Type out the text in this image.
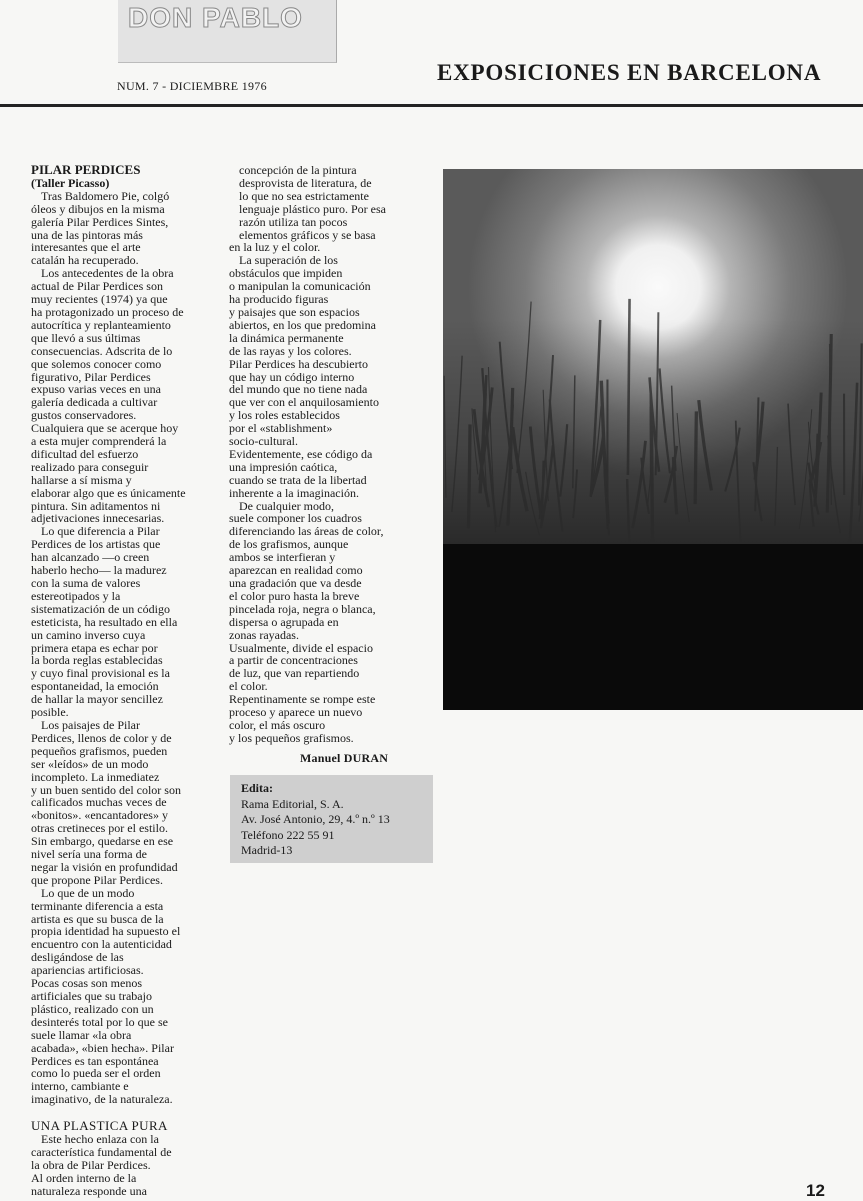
DON PABLO
NUM. 7 - DICIEMBRE 1976
EXPOSICIONES EN BARCELONA

PILAR PERDICES

(Taller Picasso)

Tras Baldomero Pie, colgó

óleos y dibujos en la misma

galería Pilar Perdices Sintes,

una de las pintoras más

interesantes que el arte

catalán ha recuperado.

Los antecedentes de la obra

actual de Pilar Perdices son

muy recientes (1974) ya que

ha protagonizado un proceso de

autocrítica y replanteamiento

que llevó a sus últimas

consecuencias. Adscrita de lo

que solemos conocer como

figurativo, Pilar Perdices

expuso varias veces en una

galería dedicada a cultivar

gustos conservadores.

Cualquiera que se acerque hoy

a esta mujer comprenderá la

dificultad del esfuerzo

realizado para conseguir

hallarse a sí misma y

elaborar algo que es únicamente

pintura. Sin aditamentos ni

adjetivaciones innecesarias.

Lo que diferencia a Pilar

Perdices de los artistas que

han alcanzado —o creen

haberlo hecho— la madurez

con la suma de valores

estereotipados y la

sistematización de un código

esteticista, ha resultado en ella

un camino inverso cuya

primera etapa es echar por

la borda reglas establecidas

y cuyo final provisional es la

espontaneidad, la emoción

de hallar la mayor sencillez

posible.

Los paisajes de Pilar

Perdices, llenos de color y de

pequeños grafismos, pueden

ser «leídos» de un modo

incompleto. La inmediatez

y un buen sentido del color son

calificados muchas veces de

«bonitos». «encantadores» y

otras cretineces por el estilo.

Sin embargo, quedarse en ese

nivel sería una forma de

negar la visión en profundidad

que propone Pilar Perdices.

Lo que de un modo

terminante diferencia a esta

artista es que su busca de la

propia identidad ha supuesto el

encuentro con la autenticidad

desligándose de las

apariencias artificiosas.

Pocas cosas son menos

artificiales que su trabajo

plástico, realizado con un

desinterés total por lo que se

suele llamar «la obra

acabada», «bien hecha». Pilar

Perdices es tan espontánea

como lo pueda ser el orden

interno, cambiante e

imaginativo, de la naturaleza.

UNA PLASTICA PURA

Este hecho enlaza con la

característica fundamental de

la obra de Pilar Perdices.

Al orden interno de la

naturaleza responde una

concepción de la pintura

desprovista de literatura, de

lo que no sea estrictamente

lenguaje plástico puro. Por esa

razón utiliza tan pocos

elementos gráficos y se basa

en la luz y el color.

La superación de los

obstáculos que impiden

o manipulan la comunicación

ha producido figuras

y paisajes que son espacios

abiertos, en los que predomina

la dinámica permanente

de las rayas y los colores.

Pilar Perdices ha descubierto

que hay un código interno

del mundo que no tiene nada

que ver con el anquilosamiento

y los roles establecidos

por el «stablishment»

socio-cultural.

Evidentemente, ese código da

una impresión caótica,

cuando se trata de la libertad

inherente a la imaginación.

De cualquier modo,

suele componer los cuadros

diferenciando las áreas de color,

de los grafismos, aunque

ambos se interfieran y

aparezcan en realidad como

una gradación que va desde

el color puro hasta la breve

pincelada roja, negra o blanca,

dispersa o agrupada en

zonas rayadas.

Usualmente, divide el espacio

a partir de concentraciones

de luz, que van repartiendo

el color.

Repentinamente se rompe este

proceso y aparece un nuevo

color, el más oscuro

y los pequeños grafismos.

Manuel DURAN

Edita:

Rama Editorial, S. A.

Av. José Antonio, 29, 4.º n.º 13

Teléfono 222 55 91

Madrid-13

12
